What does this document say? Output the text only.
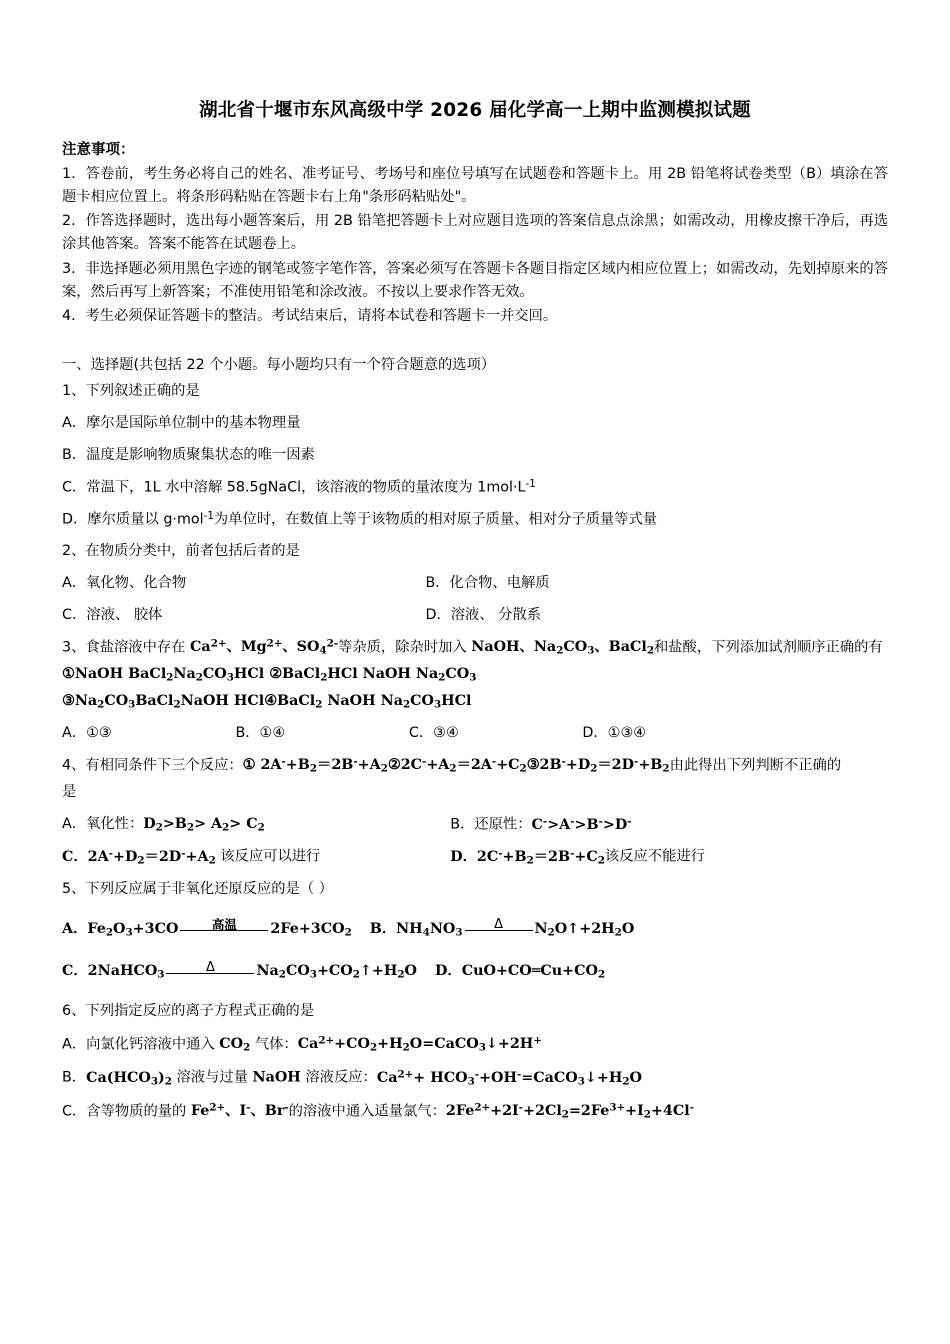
湖北省十堰市东风高级中学 2026 届化学高一上期中监测模拟试题
注意事项：
1．答卷前，考生务必将自己的姓名、准考证号、考场号和座位号填写在试题卷和答题卡上。用 2B 铅笔将试卷类型（B）填涂在答题卡相应位置上。将条形码粘贴在答题卡右上角"条形码粘贴处"。
2．作答选择题时，选出每小题答案后，用 2B 铅笔把答题卡上对应题目选项的答案信息点涂黑；如需改动，用橡皮擦干净后，再选涂其他答案。答案不能答在试题卷上。
3．非选择题必须用黑色字迹的钢笔或签字笔作答，答案必须写在答题卡各题目指定区域内相应位置上；如需改动，先划掉原来的答案，然后再写上新答案；不准使用铅笔和涂改液。不按以上要求作答无效。
4．考生必须保证答题卡的整洁。考试结束后，请将本试卷和答题卡一并交回。
一、选择题(共包括 22 个小题。每小题均只有一个符合题意的选项）
1、下列叙述正确的是
A．摩尔是国际单位制中的基本物理量
B．温度是影响物质聚集状态的唯一因素
C．常温下，1L 水中溶解 58.5gNaCl，该溶液的物质的量浓度为 $1mol\cdot L^{-1}$
D．摩尔质量以 g·mol$^{-1}$为单位时，在数值上等于该物质的相对原子质量、相对分子质量等式量
2、在物质分类中，前者包括后者的是
A．氧化物、化合物	B．化合物、电解质
C．溶液、 胶体	D．溶液、 分散系
3、食盐溶液中存在 $Ca^{2+}$、$Mg^{2+}$、$SO_4^{2-}$等杂质，除杂时加入 NaOH、$Na_2CO_3$、BaCl$_2$和盐酸，下列添加试剂顺序正确的有
①NaOH $BaCl_2Na_2CO_3HCl$ ②BaCl$_2$HCl NaOH $Na_2CO_3$
$③Na_2CO_3BaCl_2NaOH$ HCl④BaCl$_2$ NaOH $Na_2CO_3HCl$
A．①③	B．①④	C．③④	D．①③④
4、有相同条件下三个反应：① $2A^-+B_2=2B^-+A_2②2C^-+A_2=2A^-+C_2③2B^-+D_2=2D^-+B_2$由此得出下列判断不正确的
是
A．氧化性：$D_2>B_2> A_2> C_2$	B．还原性：C->A->B->D-
C．$2A^-+D_2=2D^-+A_2$ 该反应可以进行	D．$2C^-+B_2=2B^-+C_2$该反应不能进行
5、下列反应属于非氧化还原反应的是（ ）
A．$Fe_2O_3+3CO$	高温	$2Fe+3CO_2$	B．$NH_4NO_3$
Δ	$N_2O↑+2H_2O$
C．2NaHCO$_3$
Δ	$Na_2CO_3+CO_2↑+H_2O$	D．$CuO+CO═Cu+CO_2$
6、下列指定反应的离子方程式正确的是
A．向氯化钙溶液中通入 $CO_2$ 气体：$Ca^{2+}+CO_2+H_2O=CaCO_3↓+2H^+$
B．$Ca(HCO_3)_2$ 溶液与过量 NaOH 溶液反应：$Ca^{2+}+$ $HCO_3^-+OH^-=CaCO_3↓+H_2O$
C．含等物质的量的 $Fe^{2+}$、I-、Br-的溶液中通入适量氯气：$2Fe^{2+}+2I^-+2Cl_2=2Fe^{3+}+I_2+4Cl^-$
